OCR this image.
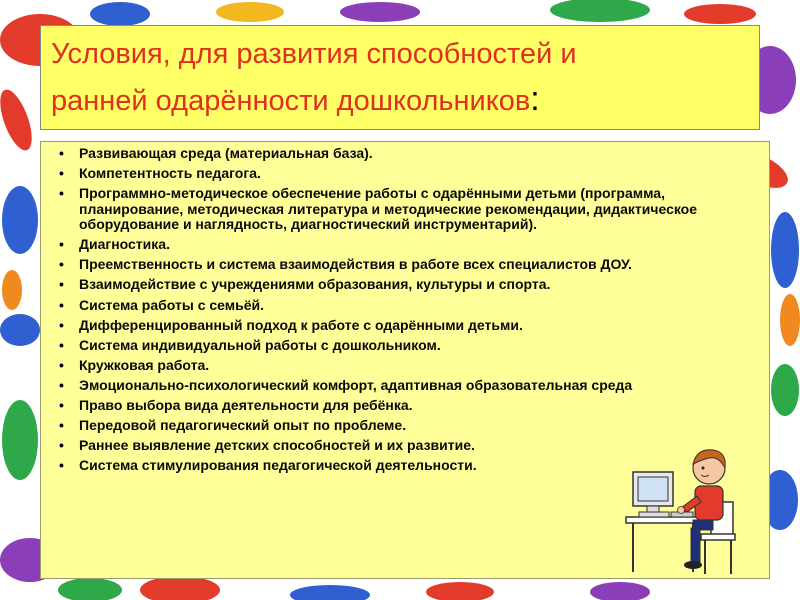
Условия, для развития способностей и
ранней одарённости дошкольников:
• Развивающая среда (материальная база).
• Компетентность педагога.
• Программно-методическое обеспечение работы с одарёнными детьми (программа, планирование, методическая литература и методические рекомендации, дидактическое оборудование и наглядность, диагностический инструментарий).
• Диагностика.
• Преемственность и система взаимодействия в работе всех специалистов ДОУ.
• Взаимодействие с учреждениями образования, культуры и спорта.
• Система работы с семьёй.
• Дифференцированный подход к работе с одарёнными детьми.
• Система индивидуальной работы с дошкольником.
• Кружковая работа.
• Эмоционально-психологический комфорт, адаптивная образовательная среда
• Право выбора вида деятельности для ребёнка.
• Передовой педагогический опыт по проблеме.
• Раннее выявление детских способностей и их развитие.
• Система стимулирования педагогической деятельности.
